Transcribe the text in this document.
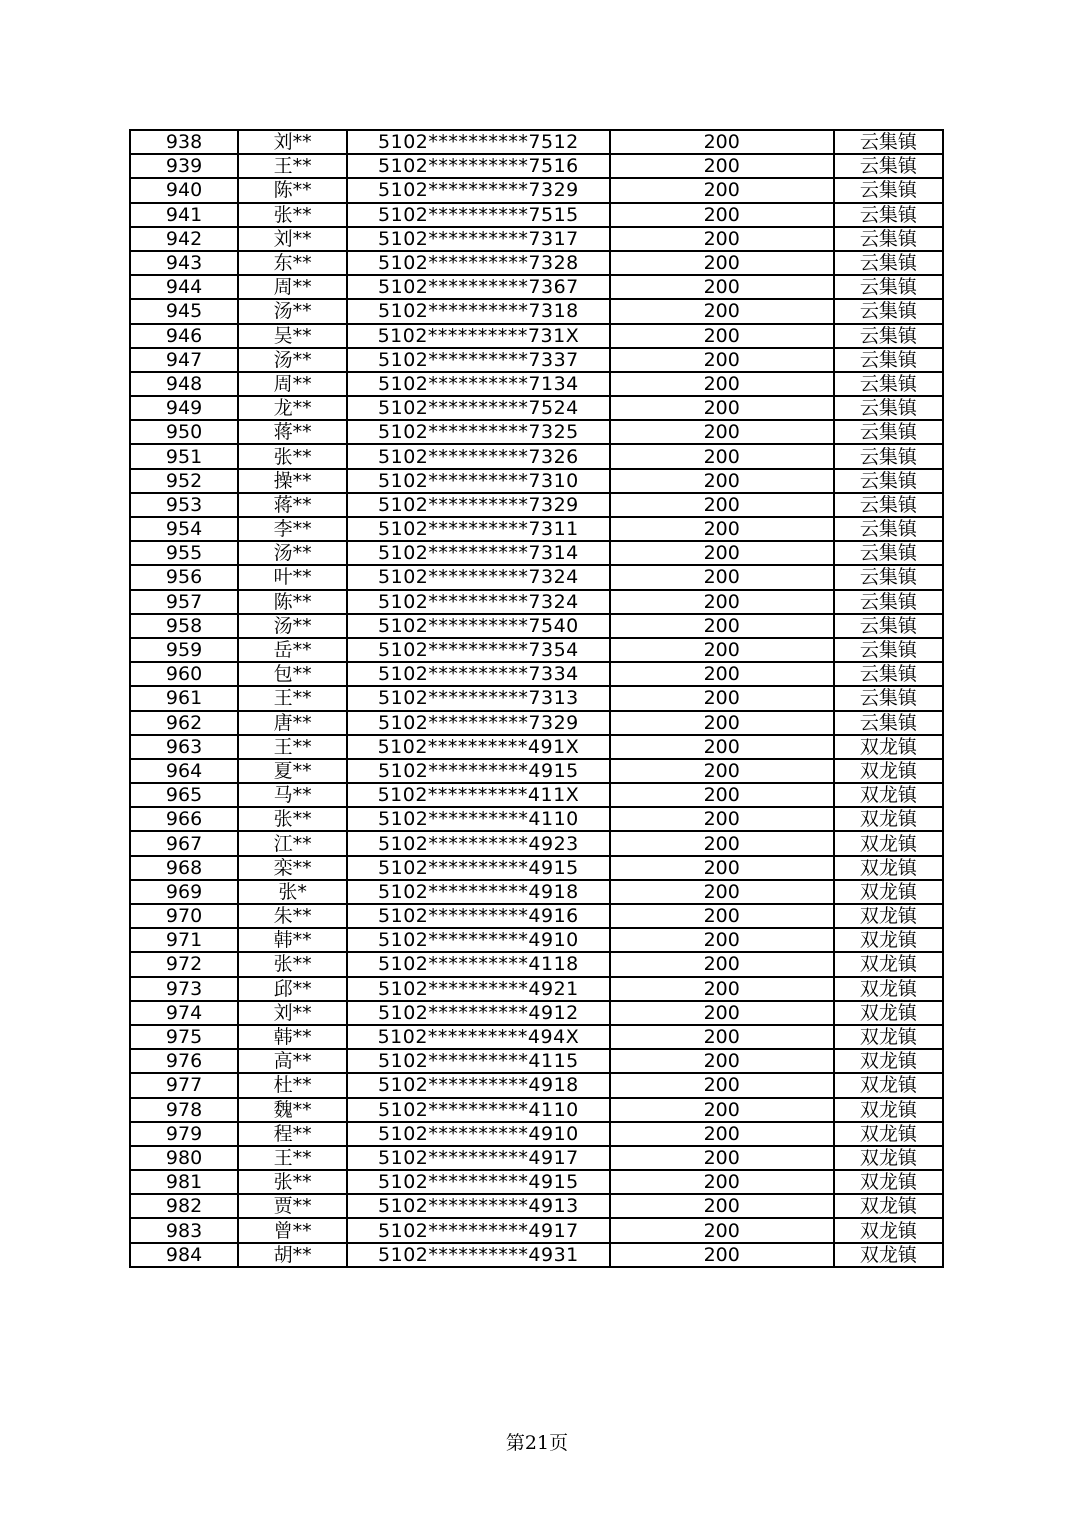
938	刘**	5102**********7512	200	云集镇
939	王**	5102**********7516	200	云集镇
940	陈**	5102**********7329	200	云集镇
941	张**	5102**********7515	200	云集镇
942	刘**	5102**********7317	200	云集镇
943	东**	5102**********7328	200	云集镇
944	周**	5102**********7367	200	云集镇
945	汤**	5102**********7318	200	云集镇
946	吴**	5102**********731X	200	云集镇
947	汤**	5102**********7337	200	云集镇
948	周**	5102**********7134	200	云集镇
949	龙**	5102**********7524	200	云集镇
950	蒋**	5102**********7325	200	云集镇
951	张**	5102**********7326	200	云集镇
952	操**	5102**********7310	200	云集镇
953	蒋**	5102**********7329	200	云集镇
954	李**	5102**********7311	200	云集镇
955	汤**	5102**********7314	200	云集镇
956	叶**	5102**********7324	200	云集镇
957	陈**	5102**********7324	200	云集镇
958	汤**	5102**********7540	200	云集镇
959	岳**	5102**********7354	200	云集镇
960	包**	5102**********7334	200	云集镇
961	王**	5102**********7313	200	云集镇
962	唐**	5102**********7329	200	云集镇
963	王**	5102**********491X	200	双龙镇
964	夏**	5102**********4915	200	双龙镇
965	马**	5102**********411X	200	双龙镇
966	张**	5102**********4110	200	双龙镇
967	江**	5102**********4923	200	双龙镇
968	栾**	5102**********4915	200	双龙镇
969	张*	5102**********4918	200	双龙镇
970	朱**	5102**********4916	200	双龙镇
971	韩**	5102**********4910	200	双龙镇
972	张**	5102**********4118	200	双龙镇
973	邱**	5102**********4921	200	双龙镇
974	刘**	5102**********4912	200	双龙镇
975	韩**	5102**********494X	200	双龙镇
976	高**	5102**********4115	200	双龙镇
977	杜**	5102**********4918	200	双龙镇
978	魏**	5102**********4110	200	双龙镇
979	程**	5102**********4910	200	双龙镇
980	王**	5102**********4917	200	双龙镇
981	张**	5102**********4915	200	双龙镇
982	贾**	5102**********4913	200	双龙镇
983	曾**	5102**********4917	200	双龙镇
984	胡**	5102**********4931	200	双龙镇
第21页
